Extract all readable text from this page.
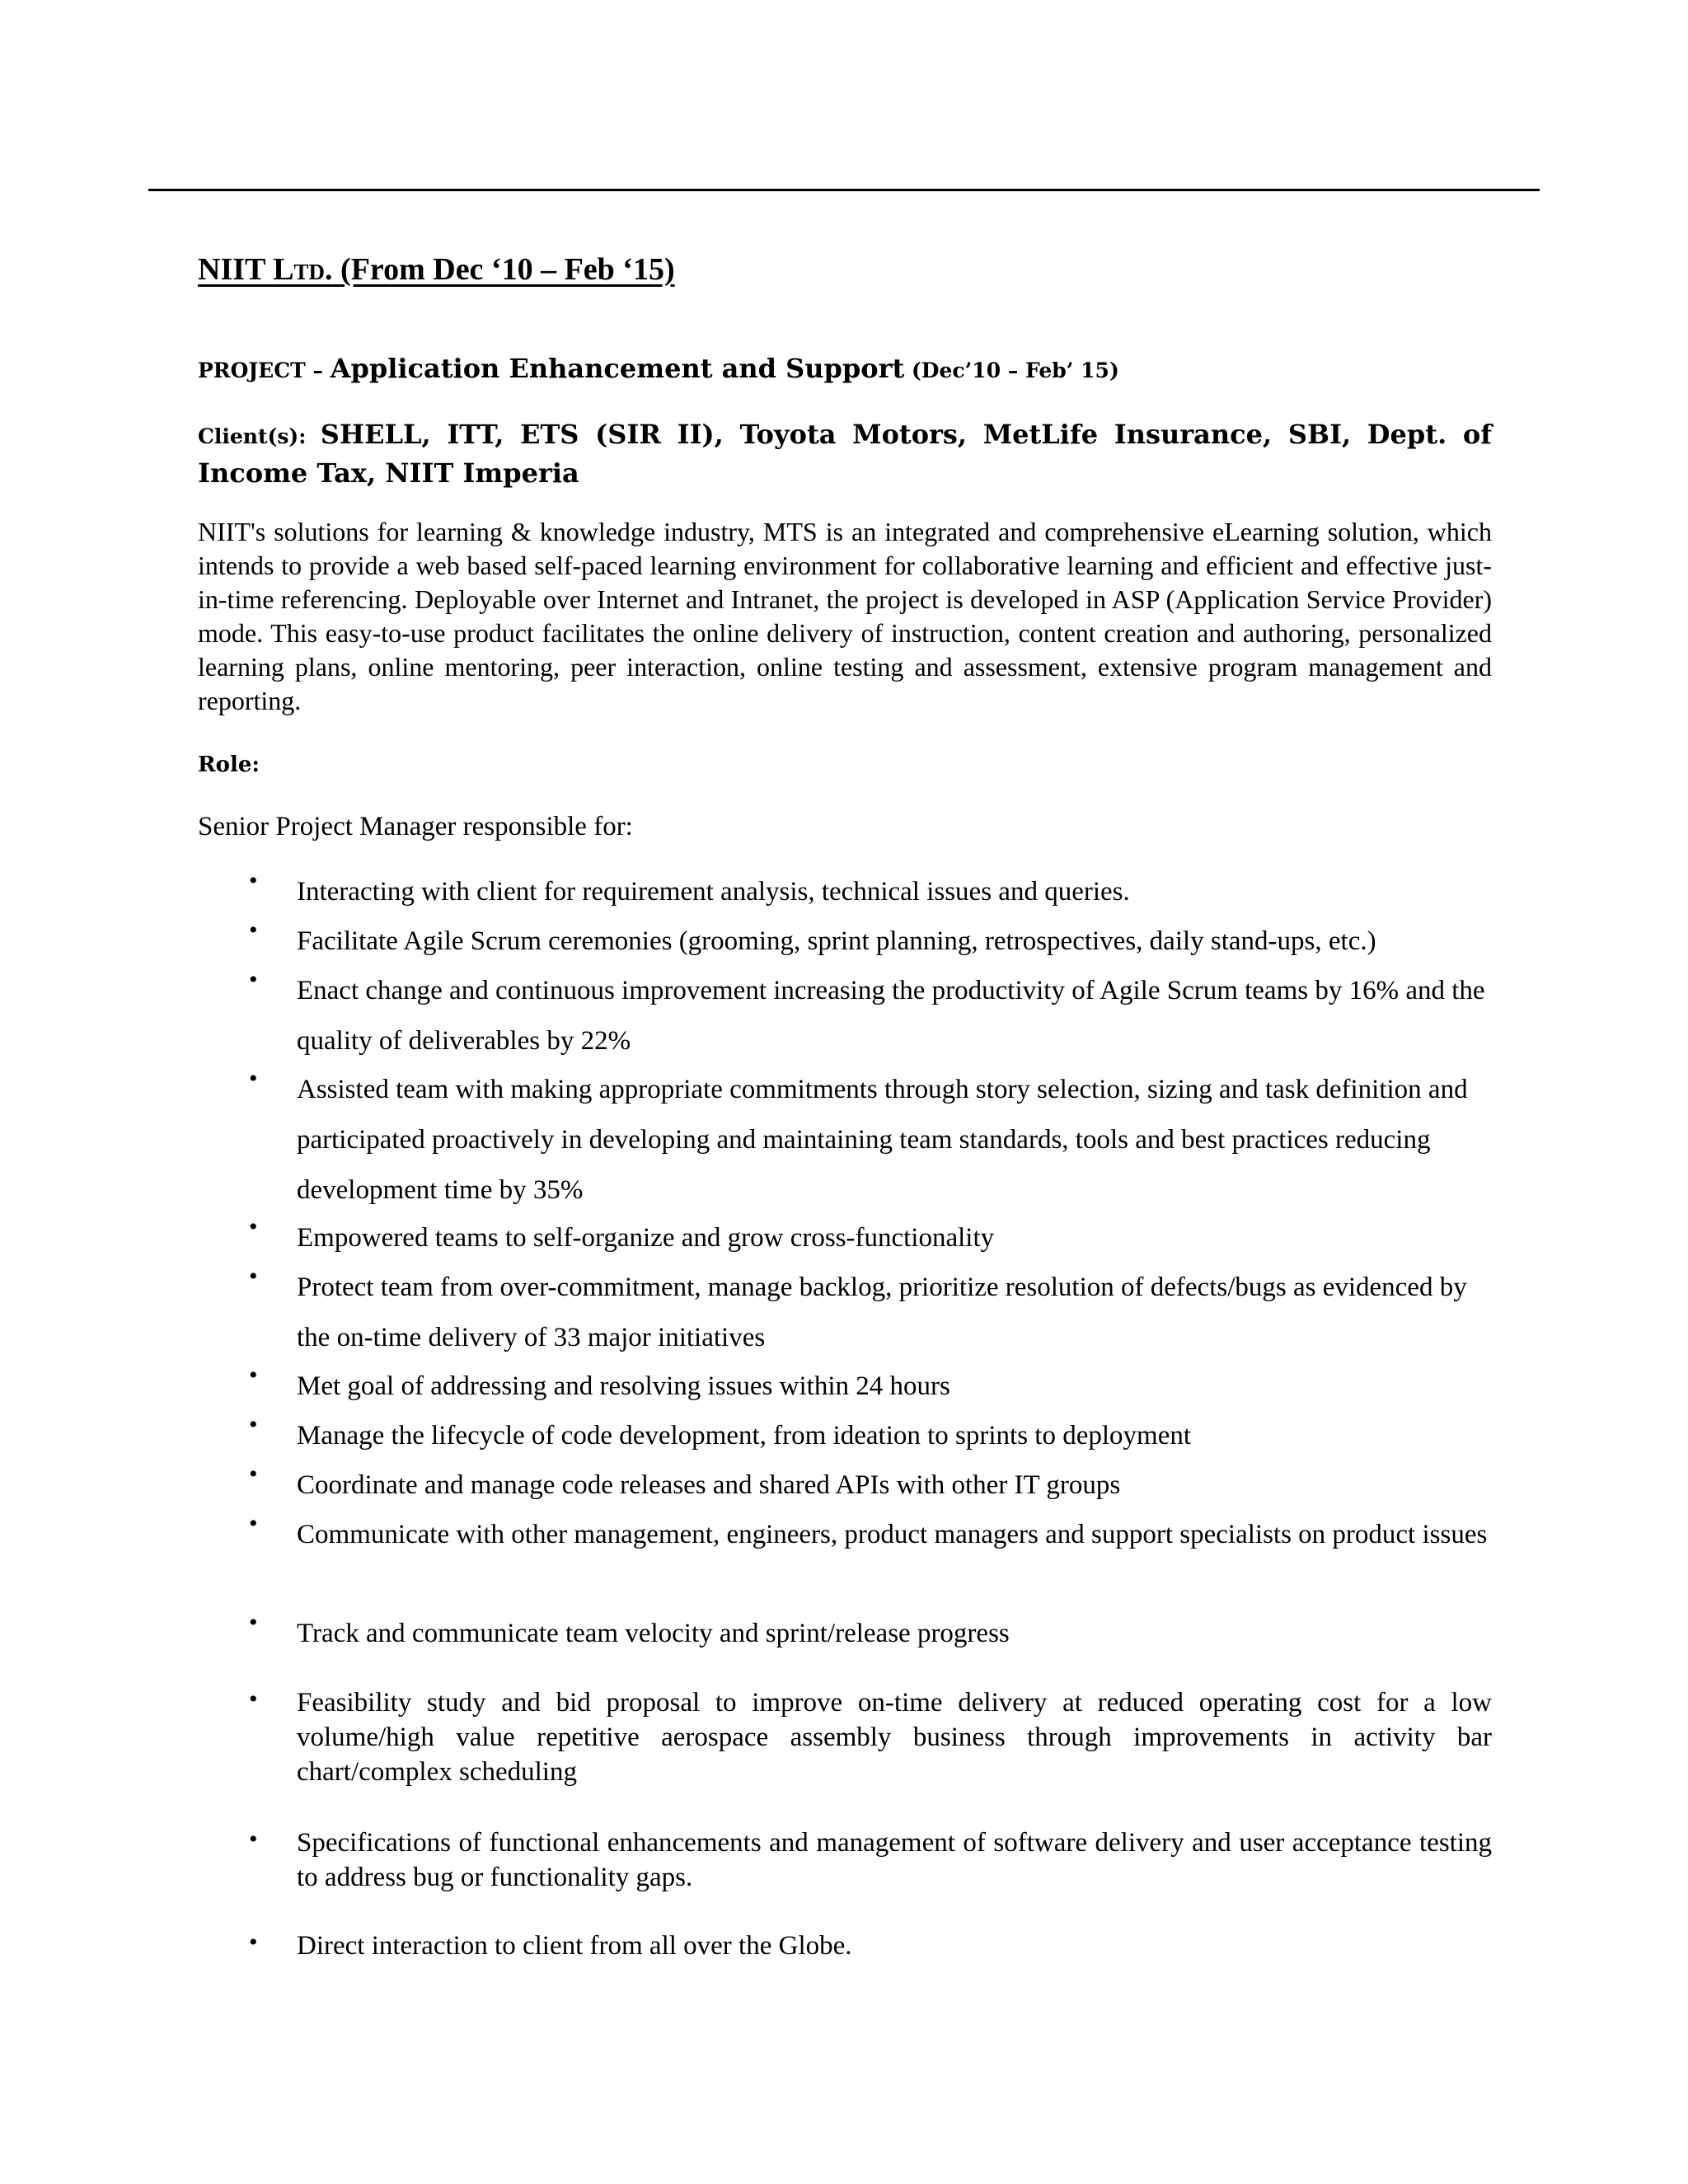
NIIT Ltd. (From Dec ‘10 – Feb ‘15)
PROJECT – Application Enhancement and Support (Dec’10 – Feb’ 15)
Client(s): SHELL, ITT, ETS (SIR II), Toyota Motors, MetLife Insurance, SBI, Dept. of Income Tax, NIIT Imperia
NIIT's solutions for learning & knowledge industry, MTS is an integrated and comprehensive eLearning solution, which intends to provide a web based self-paced learning environment for collaborative learning and efficient and effective just-in-time referencing. Deployable over Internet and Intranet, the project is developed in ASP (Application Service Provider) mode. This easy-to-use product facilitates the online delivery of instruction, content creation and authoring, personalized learning plans, online mentoring, peer interaction, online testing and assessment, extensive program management and reporting.
Role:
Senior Project Manager responsible for:
• Interacting with client for requirement analysis, technical issues and queries.
• Facilitate Agile Scrum ceremonies (grooming, sprint planning, retrospectives, daily stand-ups, etc.)
• Enact change and continuous improvement increasing the productivity of Agile Scrum teams by 16% and the quality of deliverables by 22%
• Assisted team with making appropriate commitments through story selection, sizing and task definition and participated proactively in developing and maintaining team standards, tools and best practices reducing development time by 35%
• Empowered teams to self-organize and grow cross-functionality
• Protect team from over-commitment, manage backlog, prioritize resolution of defects/bugs as evidenced by the on-time delivery of 33 major initiatives
• Met goal of addressing and resolving issues within 24 hours
• Manage the lifecycle of code development, from ideation to sprints to deployment
• Coordinate and manage code releases and shared APIs with other IT groups
• Communicate with other management, engineers, product managers and support specialists on product issues
• Track and communicate team velocity and sprint/release progress
• Feasibility study and bid proposal to improve on-time delivery at reduced operating cost for a low volume/high value repetitive aerospace assembly business through improvements in activity bar chart/complex scheduling
• Specifications of functional enhancements and management of software delivery and user acceptance testing to address bug or functionality gaps.
• Direct interaction to client from all over the Globe.
